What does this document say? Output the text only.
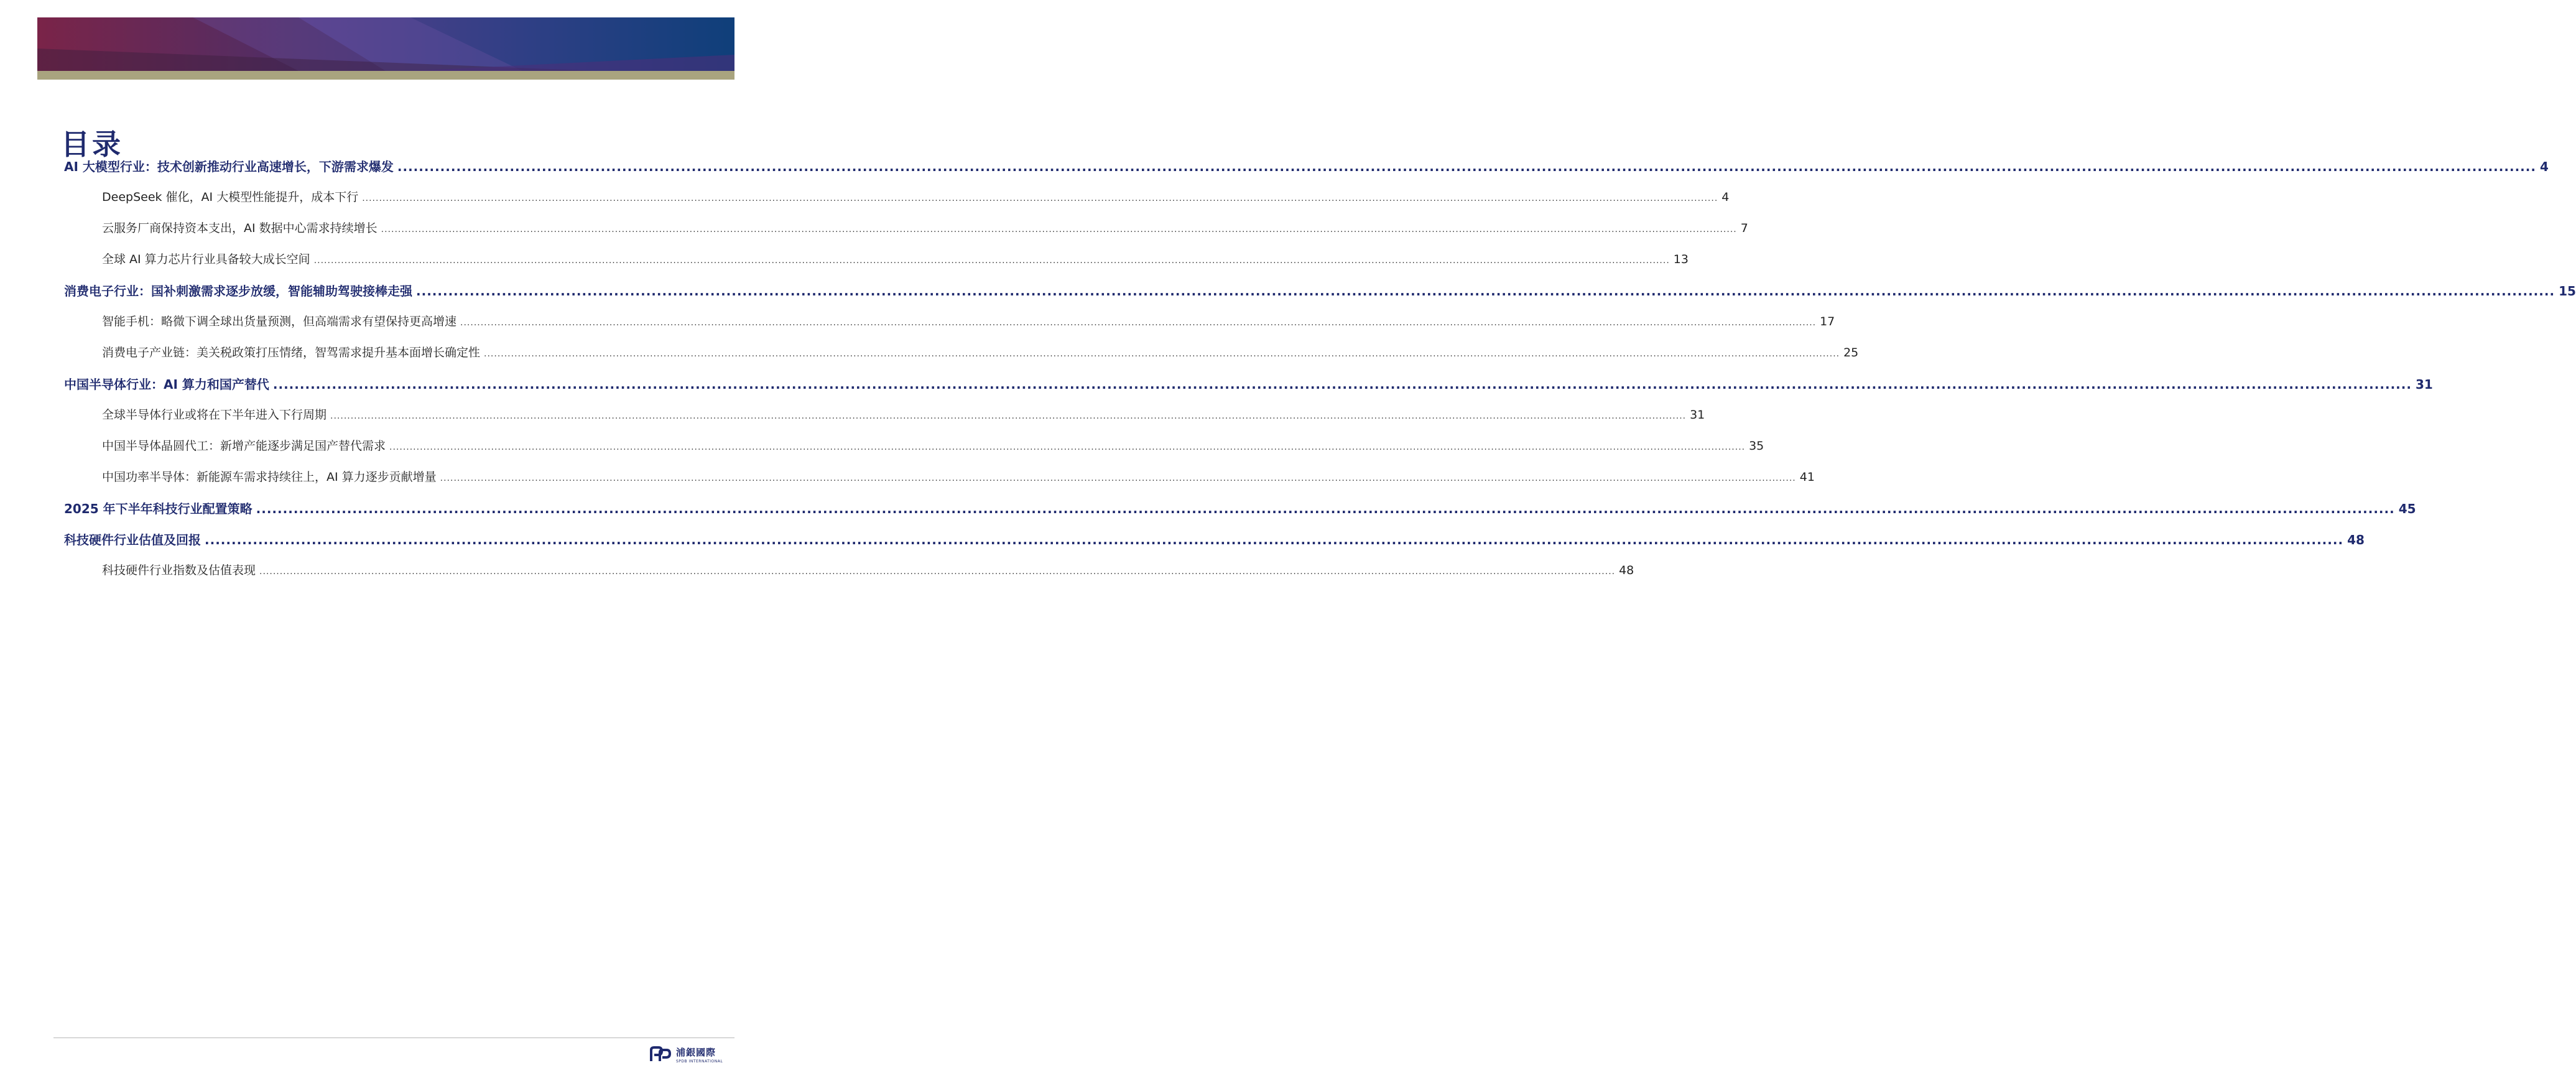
目录
AI 大模型行业：技术创新推动行业高速增长，下游需求爆发 ................................................................................................................................................................................................................................................................................................................................................................................................................ 4
DeepSeek 催化，AI 大模型性能提升，成本下行 ................................................................................................................................................................................................................................................................................................................................................................................................................ 4
云服务厂商保持资本支出，AI 数据中心需求持续增长 ................................................................................................................................................................................................................................................................................................................................................................................................................ 7
全球 AI 算力芯片行业具备较大成长空间 ................................................................................................................................................................................................................................................................................................................................................................................................................ 13
消费电子行业：国补刺激需求逐步放缓，智能辅助驾驶接棒走强 ................................................................................................................................................................................................................................................................................................................................................................................................................ 15
智能手机：略微下调全球出货量预测，但高端需求有望保持更高增速 ................................................................................................................................................................................................................................................................................................................................................................................................................ 17
消费电子产业链：美关税政策打压情绪，智驾需求提升基本面增长确定性 ................................................................................................................................................................................................................................................................................................................................................................................................................ 25
中国半导体行业：AI 算力和国产替代 ................................................................................................................................................................................................................................................................................................................................................................................................................ 31
全球半导体行业或将在下半年进入下行周期 ................................................................................................................................................................................................................................................................................................................................................................................................................ 31
中国半导体晶圆代工：新增产能逐步满足国产替代需求 ................................................................................................................................................................................................................................................................................................................................................................................................................ 35
中国功率半导体：新能源车需求持续往上，AI 算力逐步贡献增量 ................................................................................................................................................................................................................................................................................................................................................................................................................ 41
2025 年下半年科技行业配置策略 ................................................................................................................................................................................................................................................................................................................................................................................................................ 45
科技硬件行业估值及回报 ................................................................................................................................................................................................................................................................................................................................................................................................................ 48
科技硬件行业指数及估值表现 ................................................................................................................................................................................................................................................................................................................................................................................................................ 48
浦銀國際
SPDB INTERNATIONAL
